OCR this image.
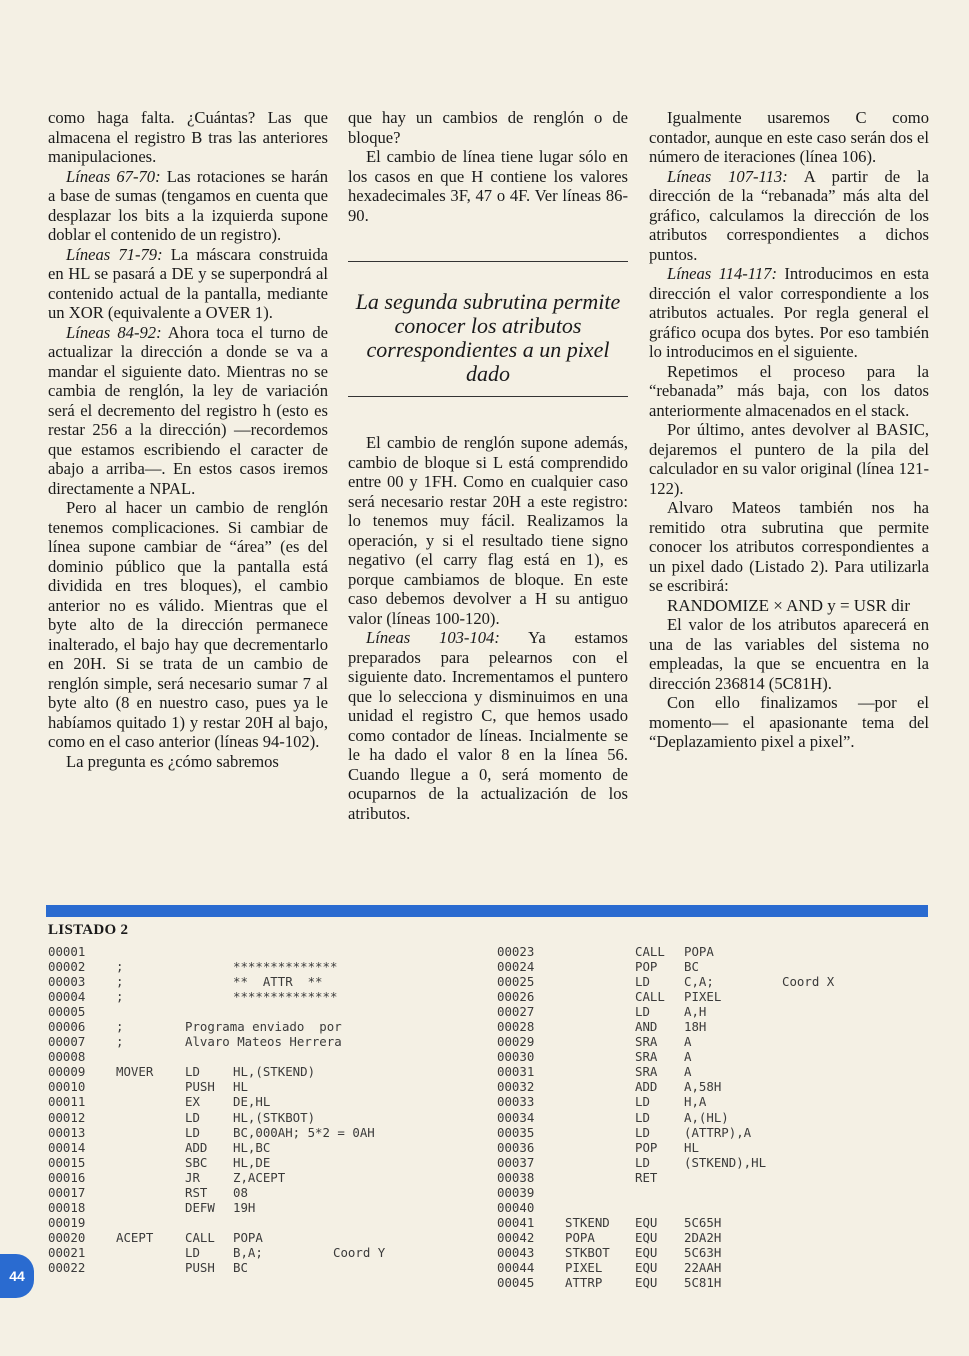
como haga falta. ¿Cuántas? Las que almacena el registro B tras las anteriores manipulaciones.

Líneas 67-70: Las rotaciones se harán a base de sumas (tengamos en cuenta que desplazar los bits a la izquierda supone doblar el contenido de un registro).

Líneas 71-79: La máscara construida en HL se pasará a DE y se superpondrá al contenido actual de la pantalla, mediante un XOR (equivalente a OVER 1).

Líneas 84-92: Ahora toca el turno de actualizar la dirección a donde se va a mandar el siguiente dato. Mientras no se cambia de renglón, la ley de variación será el decremento del registro h (esto es restar 256 a la dirección) —recordemos que estamos escribiendo el caracter de abajo a arriba—. En estos casos iremos directamente a NPAL.

Pero al hacer un cambio de renglón tenemos complicaciones. Si cambiar de línea supone cambiar de “área” (es del dominio público que la pantalla está dividida en tres bloques), el cambio anterior no es válido. Mientras que el byte alto de la dirección permanece inalterado, el bajo hay que decrementarlo en 20H. Si se trata de un cambio de renglón simple, será necesario sumar 7 al byte alto (8 en nuestro caso, pues ya le habíamos quitado 1) y restar 20H al bajo, como en el caso anterior (líneas 94-102).

La pregunta es ¿cómo sabremos

que hay un cambios de renglón o de bloque?

El cambio de línea tiene lugar sólo en los casos en que H contiene los valores hexadecimales 3F, 47 o 4F. Ver líneas 86-90.

La segunda subrutina permite conocer los atributos correspondientes a un pixel dado

El cambio de renglón supone además, cambio de bloque si L está comprendido entre 00 y 1FH. Como en cualquier caso será necesario restar 20H a este registro: lo tenemos muy fácil. Realizamos la operación, y si el resultado tiene signo negativo (el carry flag está en 1), es porque cambiamos de bloque. En este caso debemos devolver a H su antiguo valor (líneas 100-120).

Líneas 103-104: Ya estamos preparados para pelearnos con el siguiente dato. Incrementamos el puntero que lo selecciona y disminuimos en una unidad el registro C, que hemos usado como contador de líneas. Incialmente se le ha dado el valor 8 en la línea 56. Cuando llegue a 0, será momento de ocuparnos de la actualización de los atributos.

Igualmente usaremos C como contador, aunque en este caso serán dos el número de iteraciones (línea 106).

Líneas 107-113: A partir de la dirección de la “rebanada” más alta del gráfico, calculamos la dirección de los atributos correspondientes a dichos puntos.

Líneas 114-117: Introducimos en esta dirección el valor correspondiente a los atributos actuales. Por regla general el gráfico ocupa dos bytes. Por eso también lo introducimos en el siguiente.

Repetimos el proceso para la “rebanada” más baja, con los datos anteriormente almacenados en el stack.

Por último, antes devolver al BASIC, dejaremos el puntero de la pila del calculador en su valor original (línea 121-122).

Alvaro Mateos también nos ha remitido otra subrutina que permite conocer los atributos correspondientes a un pixel dado (Listado 2). Para utilizarla se escribirá:

RANDOMIZE × AND y = USR dir

El valor de los atributos aparecerá en una de las variables del sistema no empleadas, la que se encuentra en la dirección 236814 (5C81H).

Con ello finalizamos —por el momento— el apasionante tema del “Deplazamiento pixel a pixel”.

LISTADO 2
00001
00002 ;	**************
00003 ;	**  ATTR  **
00004 ;	**************
00005
00006 ;	Programa enviado  por
00007 ;	Alvaro Mateos Herrera
00008
00009 MOVER	LD	HL,(STKEND)
00010	PUSH HL
00011	EX	DE,HL
00012	LD	HL,(STKBOT)
00013	LD	BC,000AH; 5*2 = 0AH
00014	ADD HL,BC
00015	SBC HL,DE
00016	JR	Z,ACEPT
00017	RST 08
00018	DEFW 19H
00019
00020 ACEPT	CALL POPA
00021	LD	B,A;	Coord Y
00022	PUSH BC
00023	CALL POPA
00024	POP BC
00025	LD	C,A;	Coord X
00026	CALL PIXEL
00027	LD	A,H
00028	AND 18H
00029	SRA A
00030	SRA A
00031	SRA A
00032	ADD A,58H
00033	LD	H,A
00034	LD	A,(HL)
00035	LD	(ATTRP),A
00036	POP HL
00037	LD	(STKEND),HL
00038	RET
00039
00040
00041 STKEND EQU 5C65H
00042 POPA	EQU 2DA2H
00043 STKBOT EQU 5C63H
00044 PIXEL	EQU 22AAH
00045 ATTRP	EQU 5C81H
44
